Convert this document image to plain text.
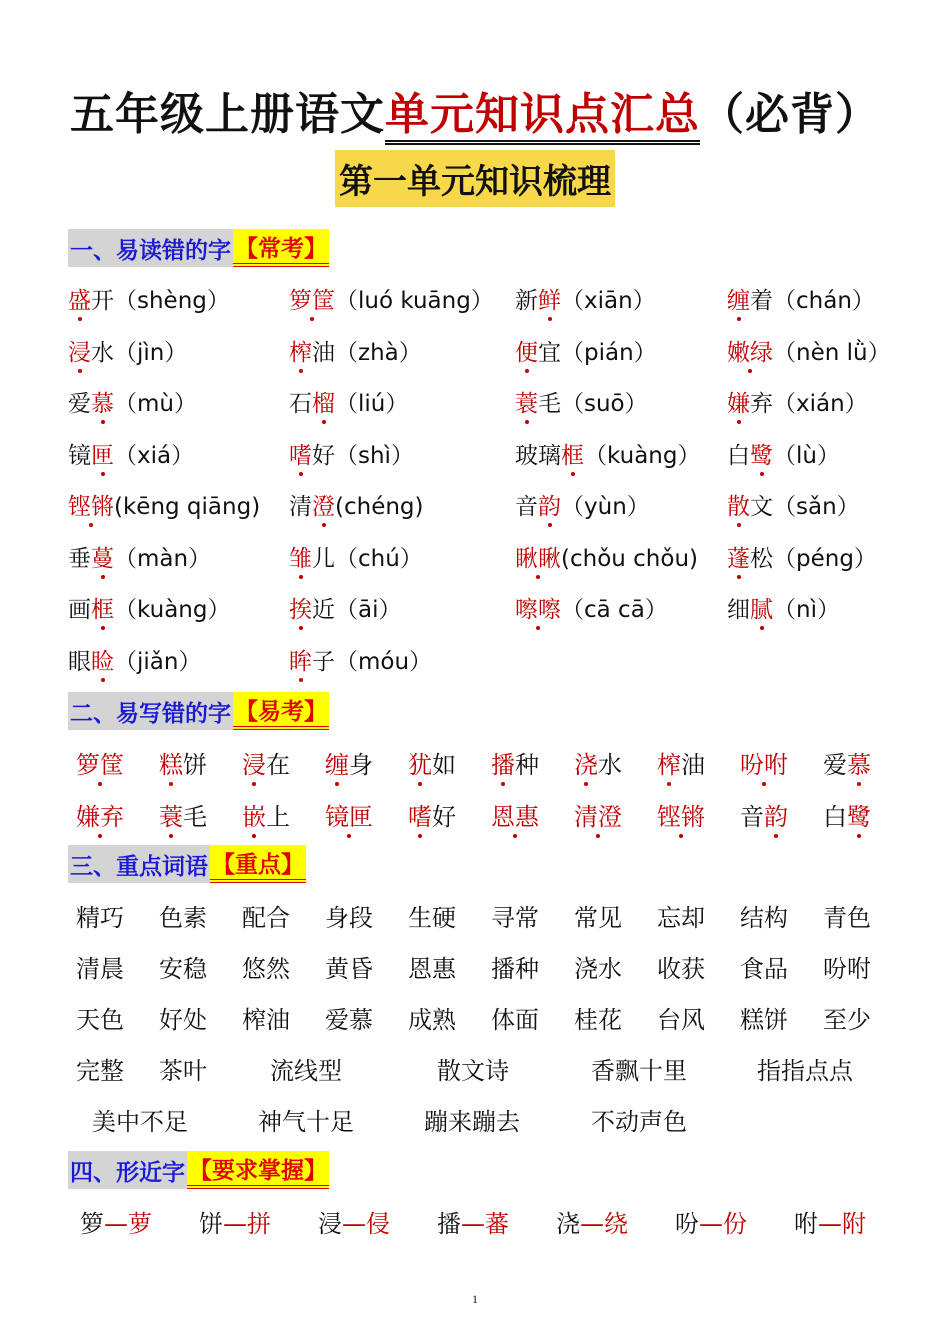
五年级上册语文单元知识点汇总（必背）
第一单元知识梳理
一、易读错的字 【常考】
盛开（shèng）	箩筐（luó kuāng） 新鲜（xiān）	缠着（chán）
浸水（jìn）	榨油（zhà）	便宜（pián）	嫩绿（nèn lǜ）
爱慕（mù）	石榴（liú）	蓑毛（suō）	嫌弃（xián）
镜匣（xiá）	嗜好（shì）	玻璃框（kuàng） 白鹭（lù）
铿锵(kēng qiāng) 清澄(chéng)	音韵（yùn）	散文（sǎn）
垂蔓（màn）	雏儿（chú）	瞅瞅(chǒu chǒu) 蓬松（péng）
画框（kuàng）	挨近（āi）	嚓嚓（cā cā）	细腻（nì）
眼睑（jiǎn）	眸子（móu）
二、易写错的字 【易考】
箩筐 糕饼 浸在 缠身 犹如 播种 浇水 榨油 吩咐 爱慕
嫌弃 蓑毛 嵌上 镜匣 嗜好 恩惠 清澄 铿锵 音韵 白鹭
三、重点词语 【重点】
精巧 色素 配合 身段 生硬 寻常 常见 忘却 结构 青色
清晨 安稳 悠然 黄昏 恩惠 播种 浇水 收获 食品 吩咐
天色 好处 榨油 爱慕 成熟 体面 桂花 台风 糕饼 至少
完整 茶叶	流线型	散文诗	香飘十里	指指点点
美中不足	神气十足	蹦来蹦去	不动声色
四、形近字 【要求掌握】
箩—萝 饼—拼 浸—侵 播—蕃 浇—绕 吩—份 咐—附
1
